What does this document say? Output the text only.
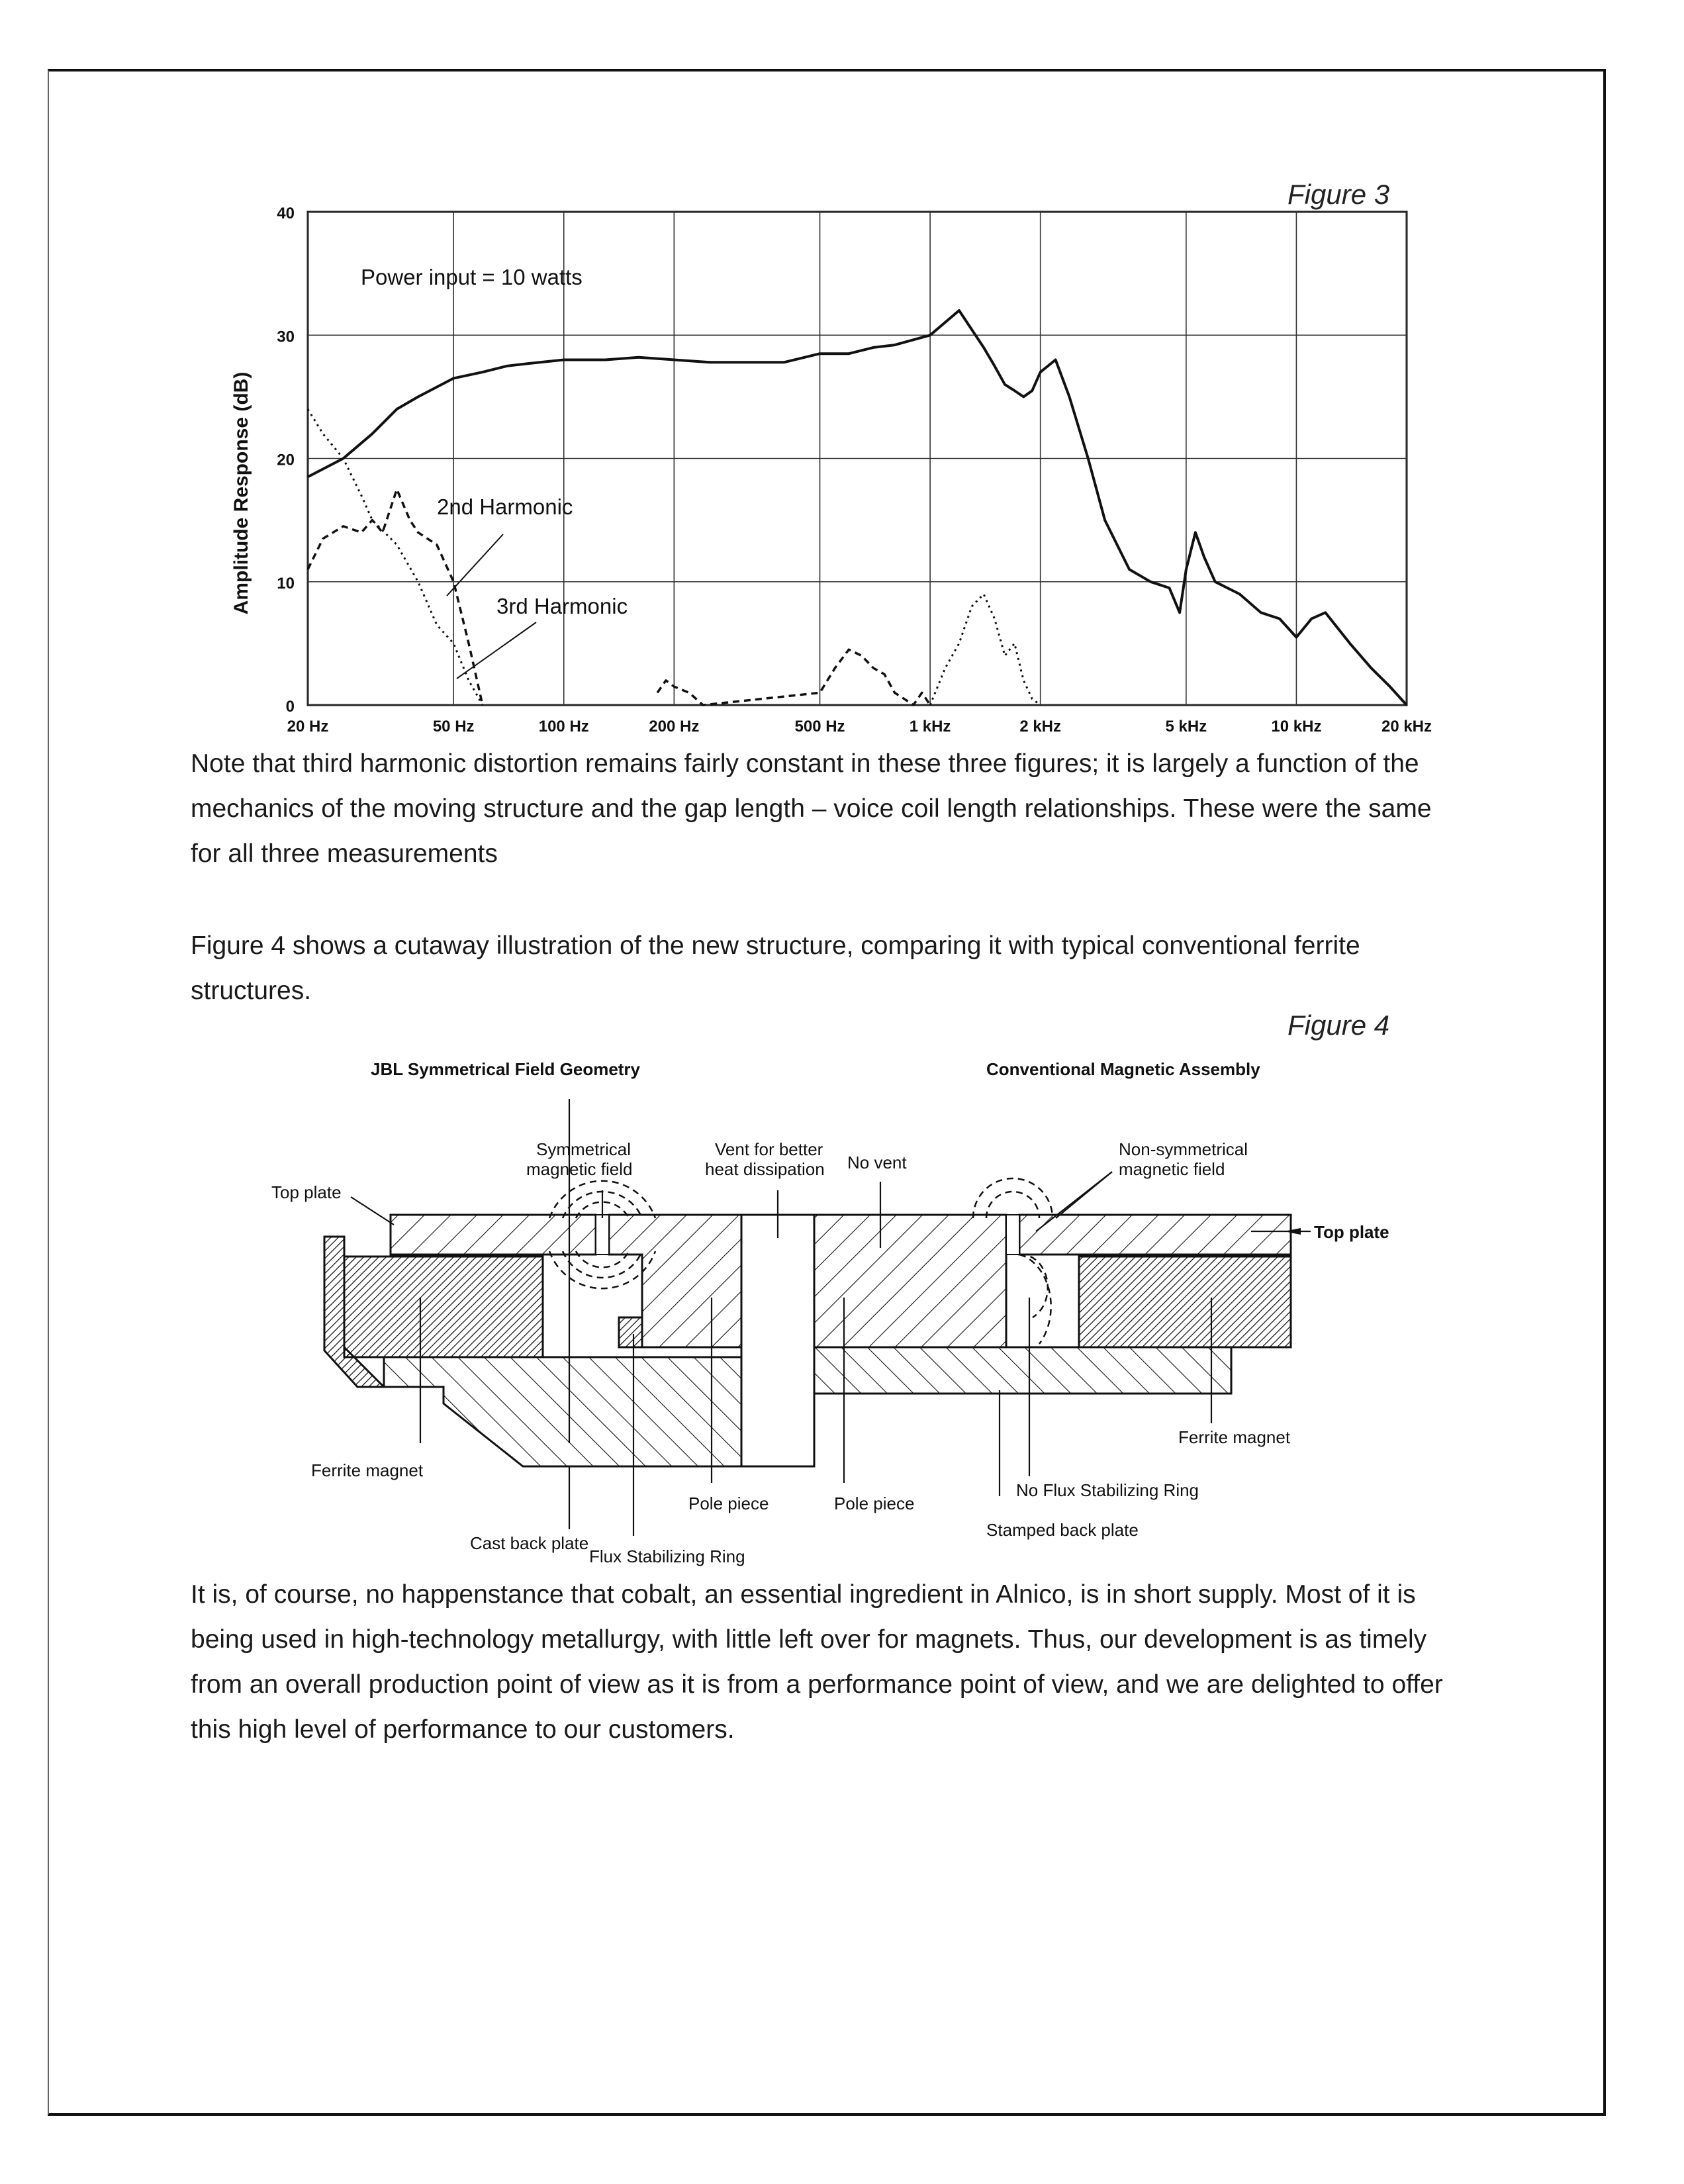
Figure 3
0
10
20
30
40
20 Hz	50 Hz	100 Hz	200 Hz	500 Hz	1 kHz	2 kHz	5 kHz	10 kHz	20 kHz
Amplitude Response (dB)
Power input = 10 watts
2nd Harmonic
3rd Harmonic

Note that third harmonic distortion remains fairly constant in these three figures; it is largely a function of the mechanics of the moving structure and the gap length – voice coil length relationships. These were the same for all three measurements

Figure 4 shows a cutaway illustration of the new structure, comparing it with typical conventional ferrite structures.

Figure 4
JBL Symmetrical Field Geometry	Conventional Magnetic Assembly
Symmetrical
magnetic field
Vent for better
heat dissipation No vent
Non-symmetrical
magnetic field
Top plate
Top plate
Ferrite magnet
Ferrite magnet
Pole piece	Pole piece
No Flux Stabilizing Ring
Cast back plate
Flux Stabilizing Ring
Stamped back plate

It is, of course, no happenstance that cobalt, an essential ingredient in Alnico, is in short supply. Most of it is being used in high-technology metallurgy, with little left over for magnets. Thus, our development is as timely from an overall production point of view as it is from a performance point of view, and we are delighted to offer this high level of performance to our customers.
